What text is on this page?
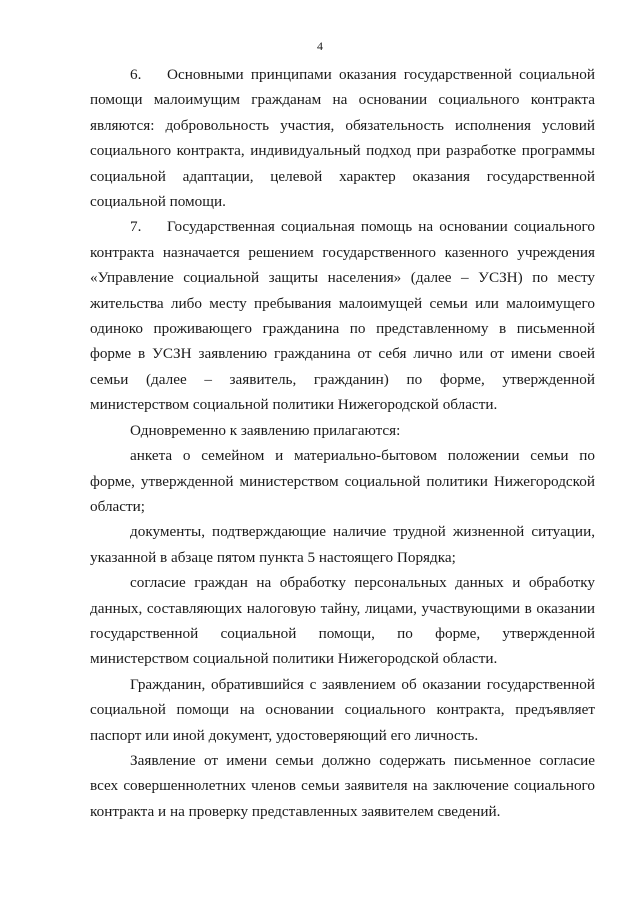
4

6. Основными принципами оказания государственной социальной помощи малоимущим гражданам на основании социального контракта являются: добровольность участия, обязательность исполнения условий социального контракта, индивидуальный подход при разработке программы социальной адаптации, целевой характер оказания государственной социальной помощи.

7. Государственная социальная помощь на основании социального контракта назначается решением государственного казенного учреждения «Управление социальной защиты населения» (далее – УСЗН) по месту жительства либо месту пребывания малоимущей семьи или малоимущего одиноко проживающего гражданина по представленному в письменной форме в УСЗН заявлению гражданина от себя лично или от имени своей семьи (далее – заявитель, гражданин) по форме, утвержденной министерством социальной политики Нижегородской области.

Одновременно к заявлению прилагаются:

анкета о семейном и материально-бытовом положении семьи по форме, утвержденной министерством социальной политики Нижегородской области;

документы, подтверждающие наличие трудной жизненной ситуации, указанной в абзаце пятом пункта 5 настоящего Порядка;

согласие граждан на обработку персональных данных и обработку данных, составляющих налоговую тайну, лицами, участвующими в оказании государственной социальной помощи, по форме, утвержденной министерством социальной политики Нижегородской области.

Гражданин, обратившийся с заявлением об оказании государственной социальной помощи на основании социального контракта, предъявляет паспорт или иной документ, удостоверяющий его личность.

Заявление от имени семьи должно содержать письменное согласие всех совершеннолетних членов семьи заявителя на заключение социального контракта и на проверку представленных заявителем сведений.
